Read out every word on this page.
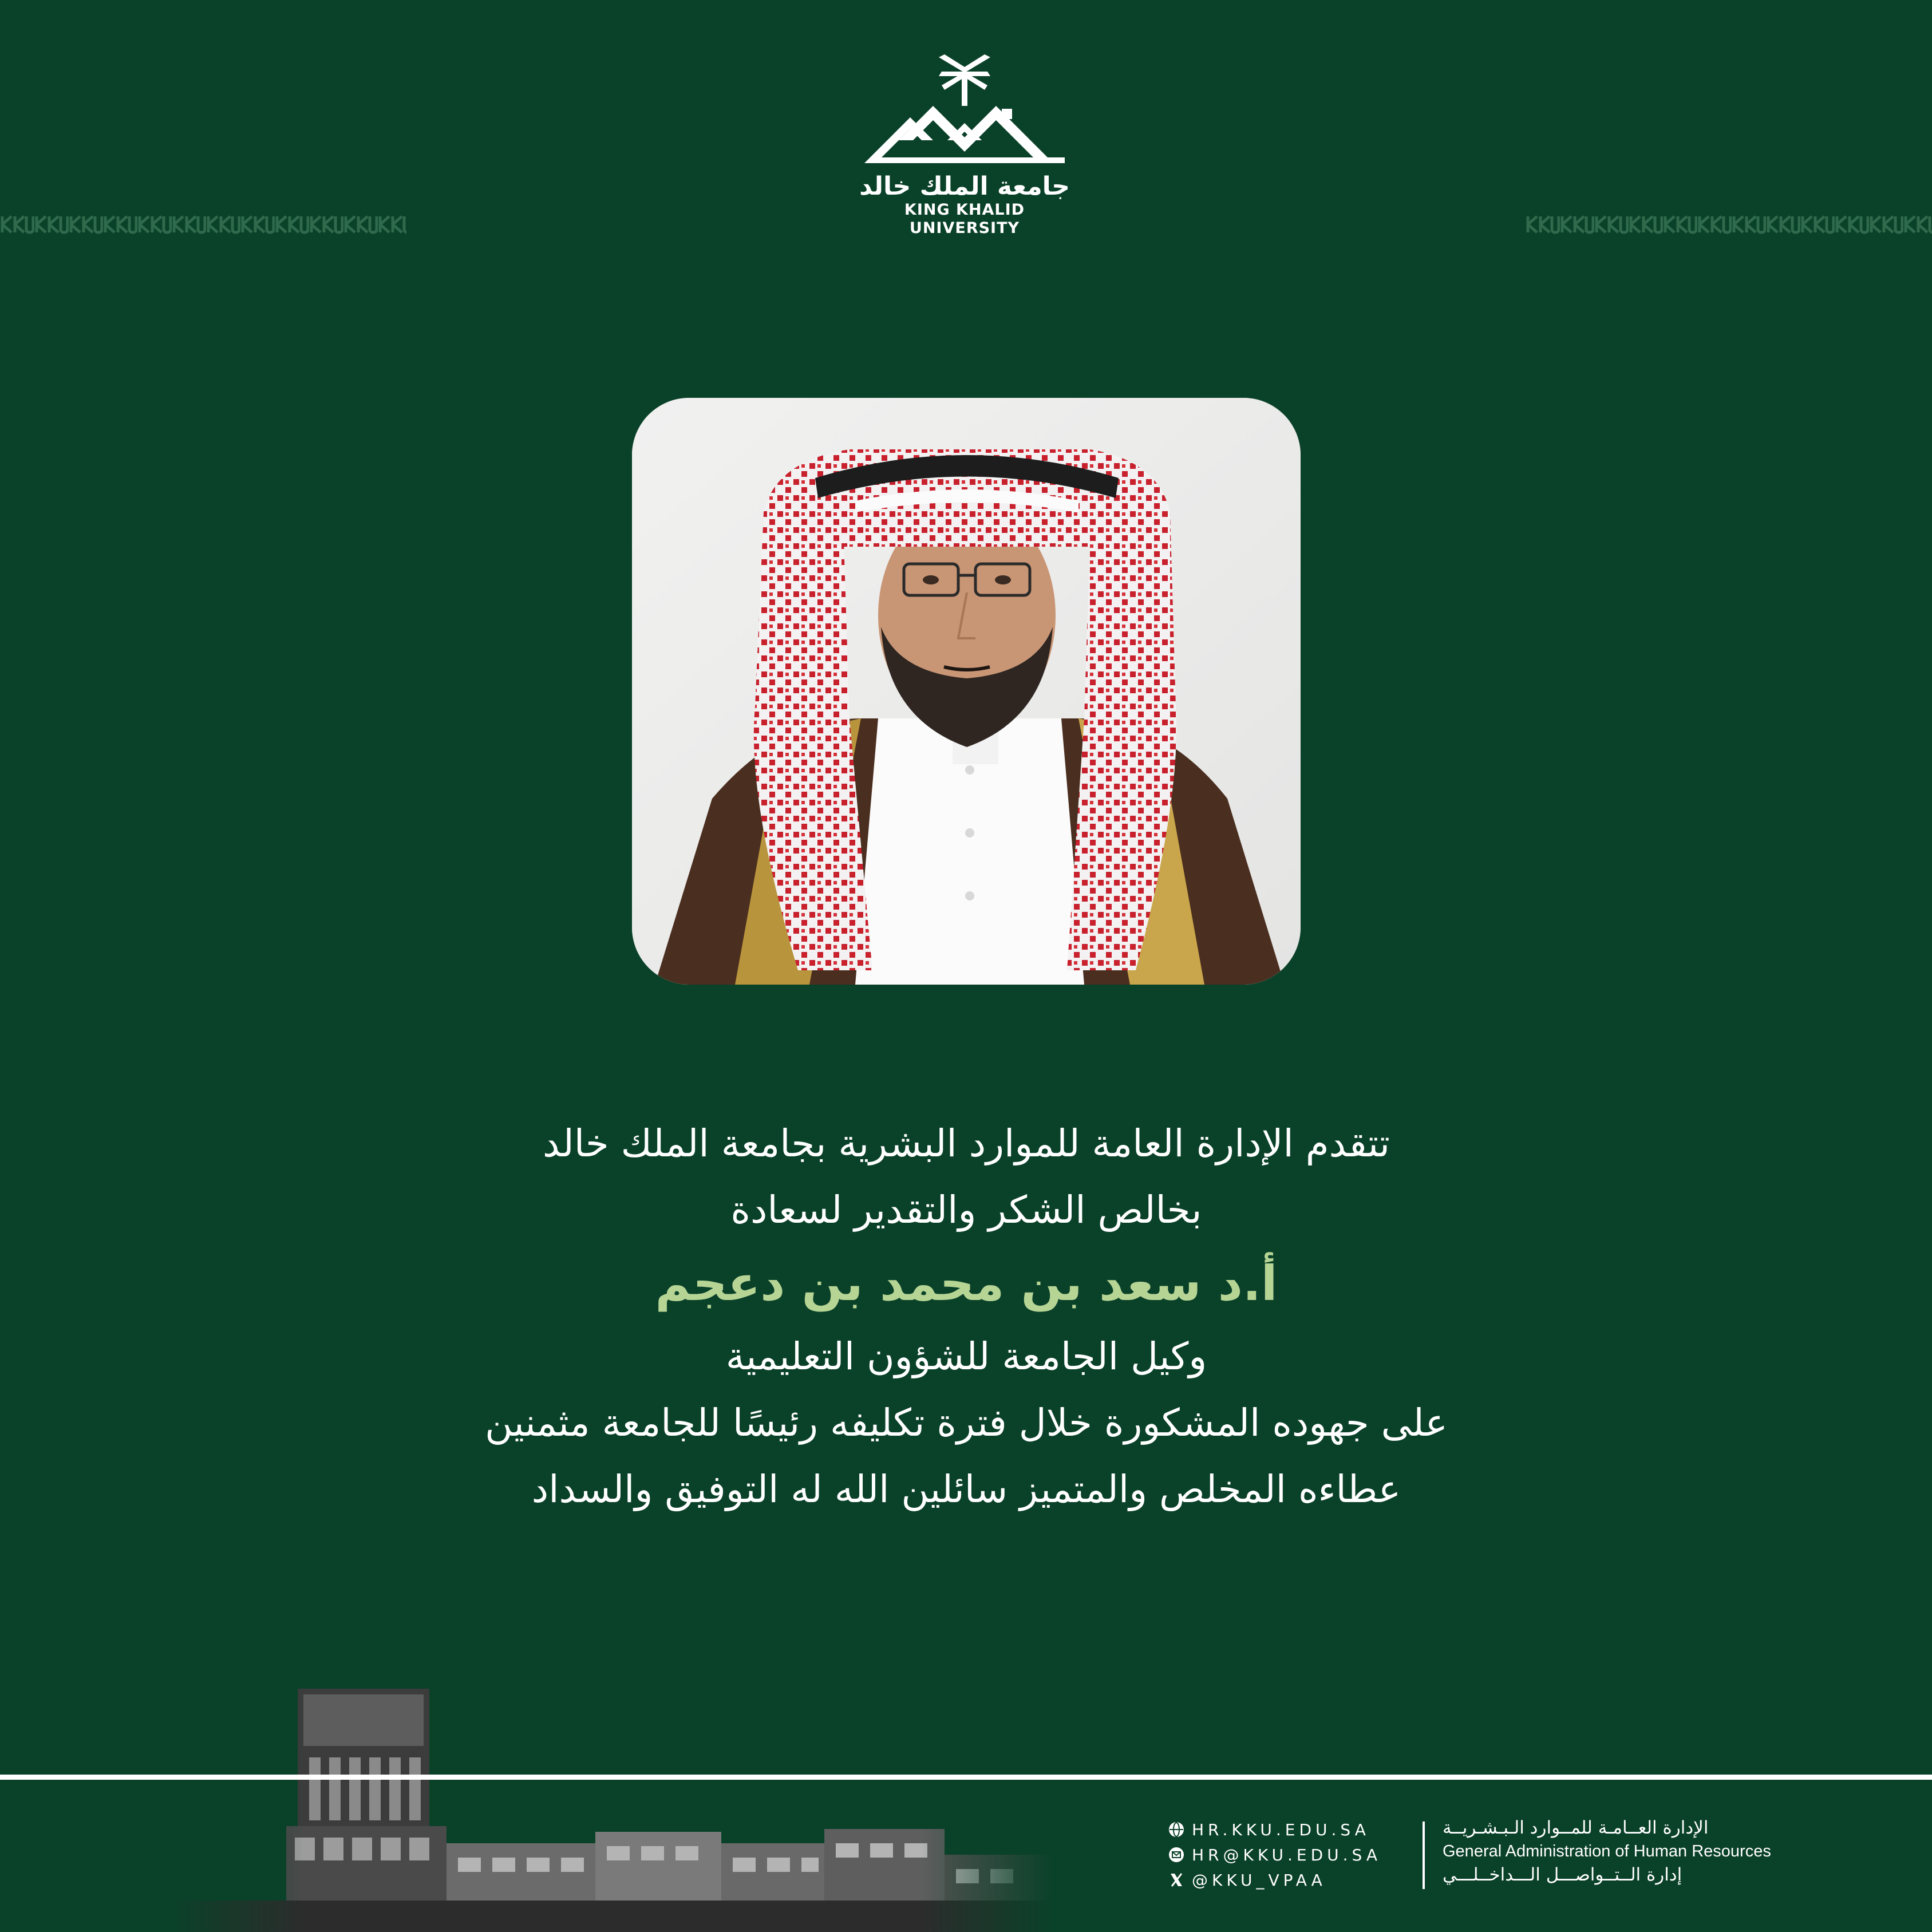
جامعة الملك خالد
KING KHALID UNIVERSITY
تتقدم الإدارة العامة للموارد البشرية بجامعة الملك خالد
بخالص الشكر والتقدير لسعادة
أ.د سعد بن محمد بن دعجم
وكيل الجامعة للشؤون التعليمية
على جهوده المشكورة خلال فترة تكليفه رئيسًا للجامعة مثمنين
عطاءه المخلص والمتميز سائلين الله له التوفيق والسداد
HR.KKU.EDU.SA
HR@KKU.EDU.SA
@KKU_VPAA
الإدارة العــامـة للمــوارد الـبـشـريــة
General Administration of Human Resources
إدارة الــتــواصـــل الـــداخــلـــي
